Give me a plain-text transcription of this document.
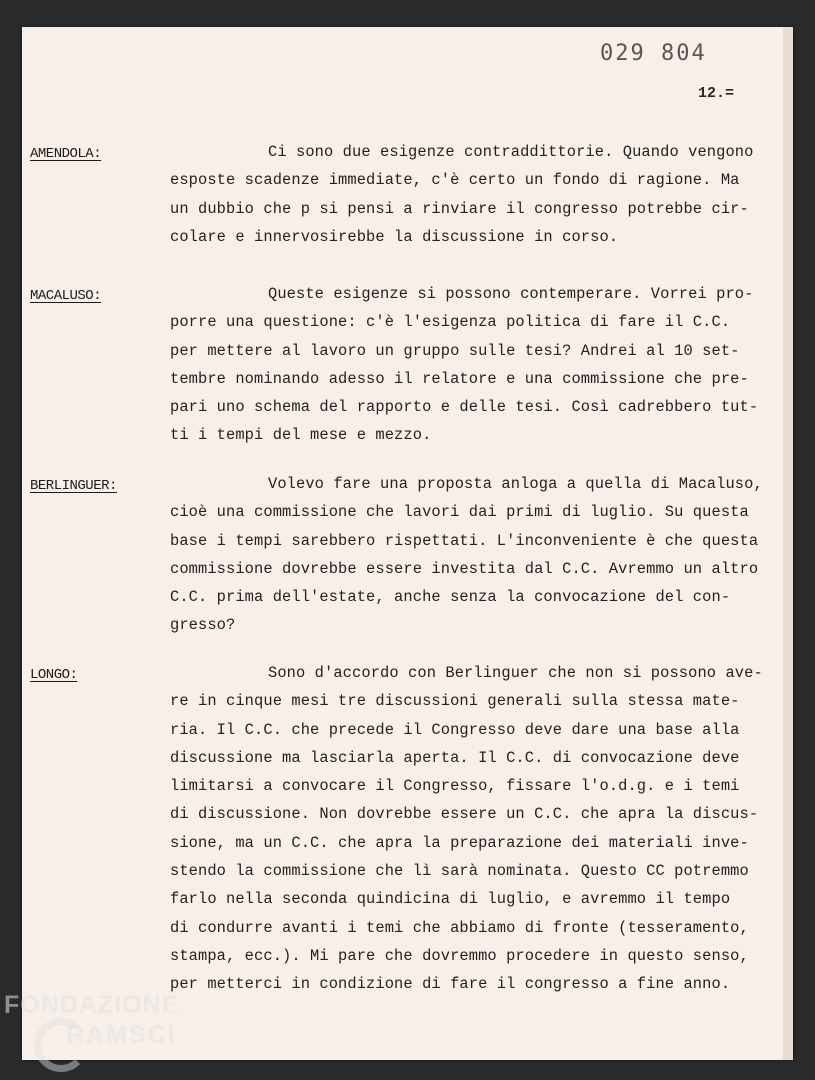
029 804
12.=
AMENDOLA:	Ci sono due esigenze contraddittorie. Quando vengono
esposte scadenze immediate, c'è certo un fondo di ragione. Ma
un dubbio che p si pensi a rinviare il congresso potrebbe cir-
colare e innervosirebbe la discussione in corso.
MACALUSO:	Queste esigenze si possono contemperare. Vorrei pro-
porre una questione: c'è l'esigenza politica di fare il C.C.
per mettere al lavoro un gruppo sulle tesi? Andrei al 10 set-
tembre nominando adesso il relatore e una commissione che pre-
pari uno schema del rapporto e delle tesi. Così cadrebbero tut-
ti i tempi del mese e mezzo.
BERLINGUER:	Volevo fare una proposta anloga a quella di Macaluso,
cioè una commissione che lavori dai primi di luglio. Su questa
base i tempi sarebbero rispettati. L'inconveniente è che questa
commissione dovrebbe essere investita dal C.C. Avremmo un altro
C.C. prima dell'estate, anche senza la convocazione del con-
gresso?
LONGO:	Sono d'accordo con Berlinguer che non si possono ave-
re in cinque mesi tre discussioni generali sulla stessa mate-
ria. Il C.C. che precede il Congresso deve dare una base alla
discussione ma lasciarla aperta. Il C.C. di convocazione deve
limitarsi a convocare il Congresso, fissare l'o.d.g. e i temi
di discussione. Non dovrebbe essere un C.C. che apra la discus-
sione, ma un C.C. che apra la preparazione dei materiali inve-
stendo la commissione che lì sarà nominata. Questo CC potremmo
farlo nella seconda quindicina di luglio, e avremmo il tempo
di condurre avanti i temi che abbiamo di fronte (tesseramento,
stampa, ecc.). Mi pare che dovremmo procedere in questo senso,
per metterci in condizione di fare il congresso a fine anno.
FONDAZIONE
RAMSCI
